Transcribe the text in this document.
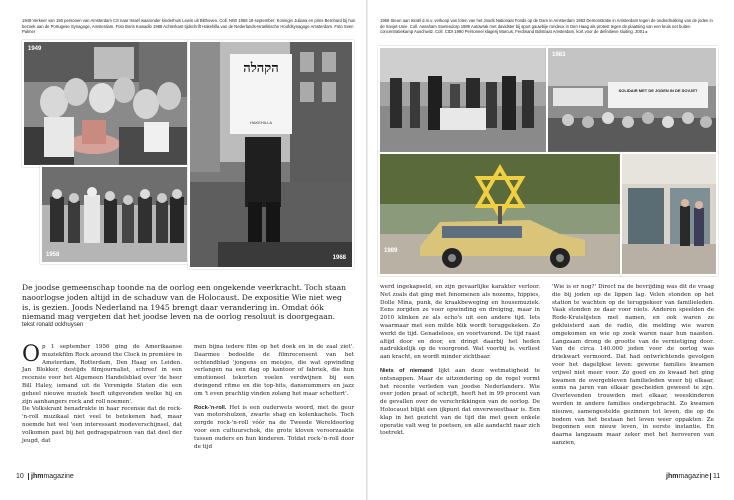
1949 Verkeer van 150 personen van Amsterdam CS naar Israël waaronder kinderhuis Lewin uit Bilthoven. Coll. NIW 1958 18 september: Koningin Juliana en prins Bernhard bij hun bezoek aan de Portugese Synagoge, Amsterdam. Foto Boris Kowadlo 1968 Achterkant tijdschrift Hakehilla van de Nederlands-Israëlitische Hoofdsynagoge Amsterdam. Foto Sven Palmer
1949
1958
הקהלה
HAKEHILLA
1968
De joodse gemeenschap toonde na de oorlog een ongekende veerkracht. Toch staan naoorlogse joden altijd in de schaduw van de Holocaust. De expositie Wie niet weg is, is gezien. Joods Nederland na 1945 brengt daar verandering in. Omdat óók niemand mag vergeten dat het joodse leven na de oorlog resoluut is doorgegaan.
tekst ronald ockhuysen

Op 1 september 1956 ging de Amerikaanse muziekfilm Rock around the Clock in première in Amsterdam, Rotterdam, Den Haag en Leiden. Jan Blokker, destijds filmjournalist, schreef in een recensie voor het Algemeen Handelsblad over 'de heer Bill Haley, iemand uit de Verenigde Staten die een geheel nieuwe muziek heeft uitgevonden welke hij en zijn aanhangers rock and roll noemen'.

De Volkskrant benadrukte in haar recensie dat de rock-'n-roll muzikaal niet veel te betekenen had, maar noemde het wel 'een interessant modeverschijnsel, dat volkomen past bij het gedragspatroon van dat deel der jeugd, dat

men bijna iedere film op het doek en in de zaal ziet'. Daarmee bedoelde de filmrecensent van het ochtendblad 'jongens en meisjes, die wat opwinding verlangen na een dag op kantoor of fabriek, die hun emotioneel tekorten voelen verdwijnen bij een dwingend ritme en die top-hits, dansnummers en jazz om 't even prachtig vinden zolang het maar schettert'.

Rock-'n-roll. Het is een ouderwets woord, met de geur van motorshulzen, zwarte shag en kolenkachels. Toch zorgde rock-'n-roll vóór na de Tweede Wereldoorlog voor een cultuurschok, die grote kloven veroorzaakte tussen ouders en hun kinderen. Totdat rock-'n-roll door de tijd

1968 Steun aan Israël d.m.v. verkoop van loten van het Joods Nationaal Fonds op de Dam in Amsterdam 1983 Demonstratie in Amsterdam tegen de onderdrukking van de joden in de Sovjet-Unie. Coll. Awraham Soetendorp 1989 Autowrak met davidster bij sport gauwbije rondeux in Den Haag als protest tegen de plaatsing van een kruis net buiten concentratiekamp Auschwitz. Coll. CIDI 1990 Personeel slagerij Marcus, Ferdinand Bolstraat Amsterdam, kort voor de definitieve sluiting. 2001 ▸
SOLIDAIR MET DE JODEN IN DE SOVJET
1983
1989

werd ingekapseld, en zijn gevaarlijke karakter verloor. Net zoals dat ging met fenomenen als nozems, hippies, Dolle Mina, punk, de kraakbeweging en housemuziek. Eens zorgden ze voor opwinding en dreiging, maar in 2010 klinken ze als echo's uit een andere tijd. Iets waarmaar met een milde blik wordt teruggekeken. Zo werkt de tijd. Genadeloos, en voortvarend. De tijd raast altijd door en door, en dringt daarbij het heden nadrukkelijk op de voorgrond. Wat voorbij is, verliest aan kracht, en wordt minder zichtbaar.

Niets of niemand lijkt aan deze wetmatigheid te ontsnappen. Maar de uitzondering op de regel vormt het recente verleden van joodse Nederlanders. Wie over joden praat of schrijft, heeft het in 99 procent van de gevallen over de verschrikkingen van de oorlog. De Holocaust blijkt een ijkpunt dat onverwoestbaar is. Een klap in het gezicht van de tijd die met geen enkele operatie valt weg te poetsen, en alle aandacht naar zich toetrekt.

'Wie is er nog?' Direct na de bevrijding was dit de vraag die bij joden op de lippen lag. Velen stonden op het station te wachten op de teruggekeer van familieleden. Vaak stonden ze daar voor niets. Anderen speelden de Rode-Kruislijsten met namen, en ook waren ze gekluisterd aan de radio, die melding wie waren omgekomen en wie op zoek waren naar hun naasten. Langzaam drong de grootte van de vernietiging door. Van de circa 140.000 joden voor de oorlog was driekwart vermoord. Dat had ontwrichtende gevolgen voor het dagelijkse leven: gewone families kwamen vrijwel niet meer voor. Zo goed en zo kwaad het ging kwamen de overgebleven familieleden weer bij elkaar, soms na jaren van elkaar gescheiden geweest te zijn. Overlevenden trouwden met elkaar, weeskinderen werden in andere families ondergebracht. Zo kwamen nieuwe, samengestelde gezinnen tot leven, die op de bodem van het bestaan het leven weer oppakten. Ze begonnen een nieuw leven, in eerste instantie. En daarna langzaam maar zeker met het heroveren van aanzien,

10 jhmmagazine	jhmmagazine 11
